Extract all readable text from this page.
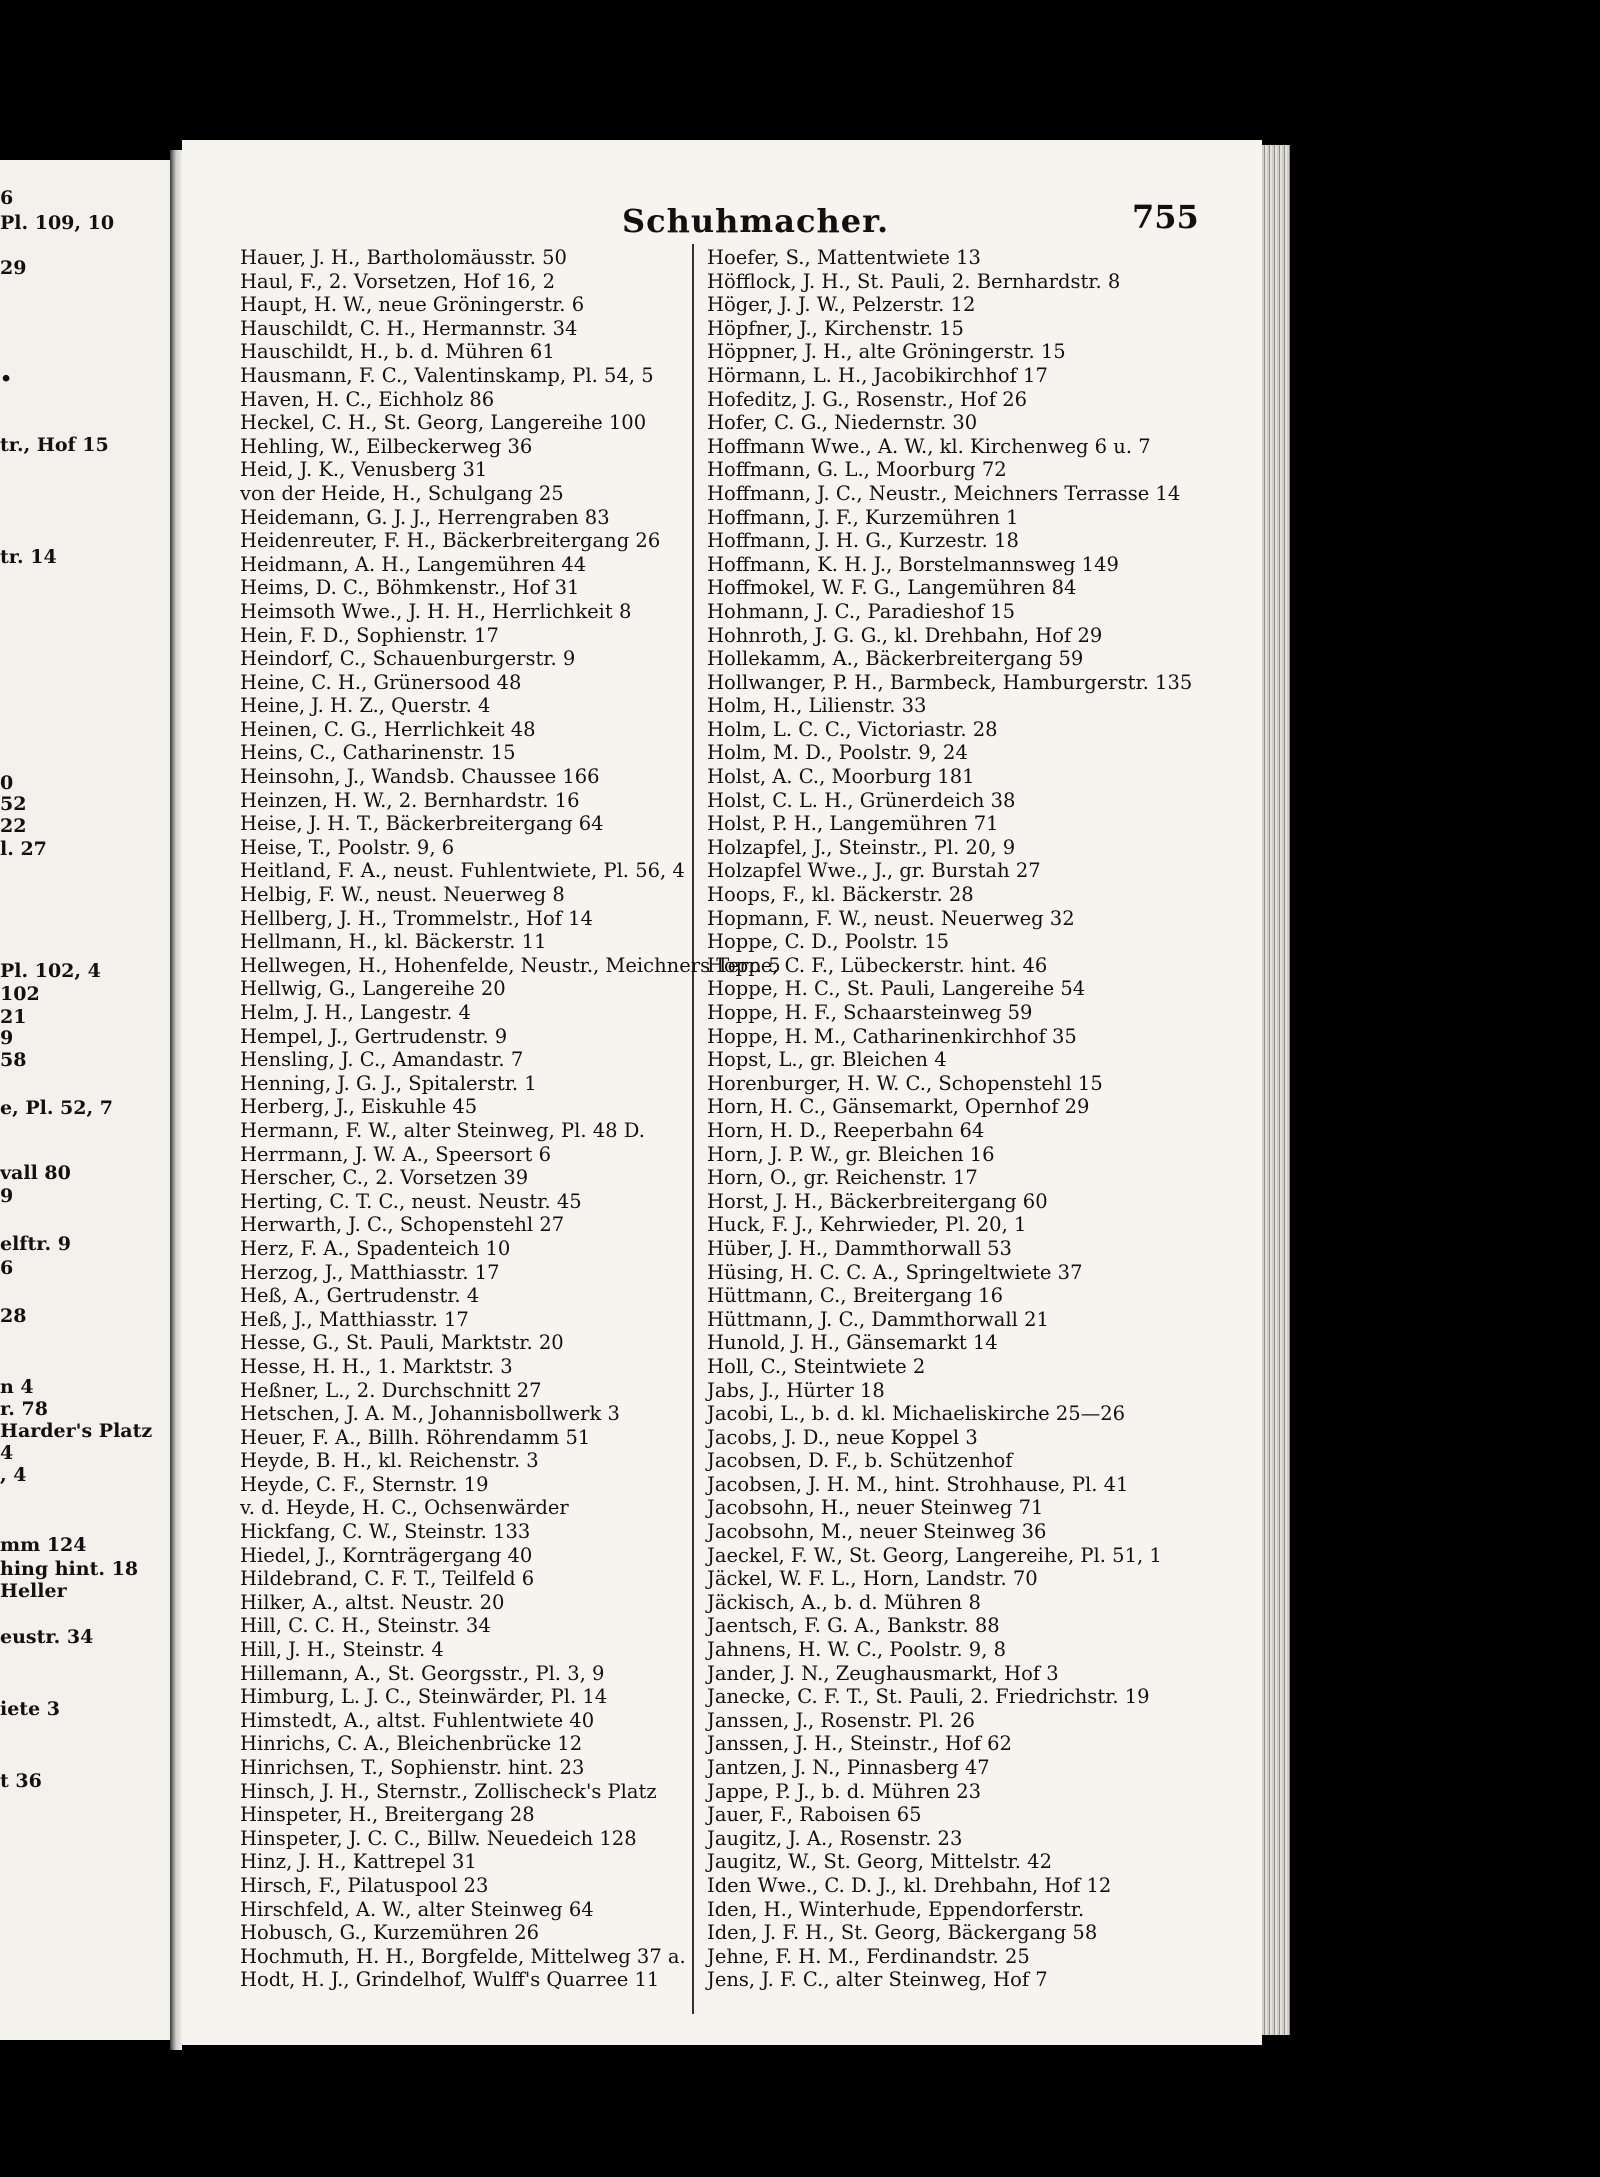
6
Pl. 109, 10
29
•
tr., Hof 15
tr. 14
0
52
22
l. 27
Pl. 102, 4
102
21
9
58
e, Pl. 52, 7
vall 80
9
elftr. 9
6
28
n 4
r. 78
Harder's Platz
4
, 4
mm 124
hing hint. 18
Heller
eustr. 34
iete 3
t 36
Schuhmacher.	755
Hauer, J. H., Bartholomäusstr. 50
Haul, F., 2. Vorsetzen, Hof 16, 2
Haupt, H. W., neue Gröningerstr. 6
Hauschildt, C. H., Hermannstr. 34
Hauschildt, H., b. d. Mühren 61
Hausmann, F. C., Valentinskamp, Pl. 54, 5
Haven, H. C., Eichholz 86
Heckel, C. H., St. Georg, Langereihe 100
Hehling, W., Eilbeckerweg 36
Heid, J. K., Venusberg 31
von der Heide, H., Schulgang 25
Heidemann, G. J. J., Herrengraben 83
Heidenreuter, F. H., Bäckerbreitergang 26
Heidmann, A. H., Langemühren 44
Heims, D. C., Böhmkenstr., Hof 31
Heimsoth Wwe., J. H. H., Herrlichkeit 8
Hein, F. D., Sophienstr. 17
Heindorf, C., Schauenburgerstr. 9
Heine, C. H., Grünersood 48
Heine, J. H. Z., Querstr. 4
Heinen, C. G., Herrlichkeit 48
Heins, C., Catharinenstr. 15
Heinsohn, J., Wandsb. Chaussee 166
Heinzen, H. W., 2. Bernhardstr. 16
Heise, J. H. T., Bäckerbreitergang 64
Heise, T., Poolstr. 9, 6
Heitland, F. A., neust. Fuhlentwiete, Pl. 56, 4
Helbig, F. W., neust. Neuerweg 8
Hellberg, J. H., Trommelstr., Hof 14
Hellmann, H., kl. Bäckerstr. 11
Hellwegen, H., Hohenfelde, Neustr., Meichners Terr. 5
Hellwig, G., Langereihe 20
Helm, J. H., Langestr. 4
Hempel, J., Gertrudenstr. 9
Hensling, J. C., Amandastr. 7
Henning, J. G. J., Spitalerstr. 1
Herberg, J., Eiskuhle 45
Hermann, F. W., alter Steinweg, Pl. 48 D.
Herrmann, J. W. A., Speersort 6
Herscher, C., 2. Vorsetzen 39
Herting, C. T. C., neust. Neustr. 45
Herwarth, J. C., Schopenstehl 27
Herz, F. A., Spadenteich 10
Herzog, J., Matthiasstr. 17
Heß, A., Gertrudenstr. 4
Heß, J., Matthiasstr. 17
Hesse, G., St. Pauli, Marktstr. 20
Hesse, H. H., 1. Marktstr. 3
Heßner, L., 2. Durchschnitt 27
Hetschen, J. A. M., Johannisbollwerk 3
Heuer, F. A., Billh. Röhrendamm 51
Heyde, B. H., kl. Reichenstr. 3
Heyde, C. F., Sternstr. 19
v. d. Heyde, H. C., Ochsenwärder
Hickfang, C. W., Steinstr. 133
Hiedel, J., Kornträgergang 40
Hildebrand, C. F. T., Teilfeld 6
Hilker, A., altst. Neustr. 20
Hill, C. C. H., Steinstr. 34
Hill, J. H., Steinstr. 4
Hillemann, A., St. Georgsstr., Pl. 3, 9
Himburg, L. J. C., Steinwärder, Pl. 14
Himstedt, A., altst. Fuhlentwiete 40
Hinrichs, C. A., Bleichenbrücke 12
Hinrichsen, T., Sophienstr. hint. 23
Hinsch, J. H., Sternstr., Zollischeck's Platz
Hinspeter, H., Breitergang 28
Hinspeter, J. C. C., Billw. Neuedeich 128
Hinz, J. H., Kattrepel 31
Hirsch, F., Pilatuspool 23
Hirschfeld, A. W., alter Steinweg 64
Hobusch, G., Kurzemühren 26
Hochmuth, H. H., Borgfelde, Mittelweg 37 a.
Hodt, H. J., Grindelhof, Wulff's Quarree 11
Hoefer, S., Mattentwiete 13
Höfflock, J. H., St. Pauli, 2. Bernhardstr. 8
Höger, J. J. W., Pelzerstr. 12
Höpfner, J., Kirchenstr. 15
Höppner, J. H., alte Gröningerstr. 15
Hörmann, L. H., Jacobikirchhof 17
Hofeditz, J. G., Rosenstr., Hof 26
Hofer, C. G., Niedernstr. 30
Hoffmann Wwe., A. W., kl. Kirchenweg 6 u. 7
Hoffmann, G. L., Moorburg 72
Hoffmann, J. C., Neustr., Meichners Terrasse 14
Hoffmann, J. F., Kurzemühren 1
Hoffmann, J. H. G., Kurzestr. 18
Hoffmann, K. H. J., Borstelmannsweg 149
Hoffmokel, W. F. G., Langemühren 84
Hohmann, J. C., Paradieshof 15
Hohnroth, J. G. G., kl. Drehbahn, Hof 29
Hollekamm, A., Bäckerbreitergang 59
Hollwanger, P. H., Barmbeck, Hamburgerstr. 135
Holm, H., Lilienstr. 33
Holm, L. C. C., Victoriastr. 28
Holm, M. D., Poolstr. 9, 24
Holst, A. C., Moorburg 181
Holst, C. L. H., Grünerdeich 38
Holst, P. H., Langemühren 71
Holzapfel, J., Steinstr., Pl. 20, 9
Holzapfel Wwe., J., gr. Burstah 27
Hoops, F., kl. Bäckerstr. 28
Hopmann, F. W., neust. Neuerweg 32
Hoppe, C. D., Poolstr. 15
Hoppe, C. F., Lübeckerstr. hint. 46
Hoppe, H. C., St. Pauli, Langereihe 54
Hoppe, H. F., Schaarsteinweg 59
Hoppe, H. M., Catharinenkirchhof 35
Hopst, L., gr. Bleichen 4
Horenburger, H. W. C., Schopenstehl 15
Horn, H. C., Gänsemarkt, Opernhof 29
Horn, H. D., Reeperbahn 64
Horn, J. P. W., gr. Bleichen 16
Horn, O., gr. Reichenstr. 17
Horst, J. H., Bäckerbreitergang 60
Huck, F. J., Kehrwieder, Pl. 20, 1
Hüber, J. H., Dammthorwall 53
Hüsing, H. C. C. A., Springeltwiete 37
Hüttmann, C., Breitergang 16
Hüttmann, J. C., Dammthorwall 21
Hunold, J. H., Gänsemarkt 14
Holl, C., Steintwiete 2
Jabs, J., Hürter 18
Jacobi, L., b. d. kl. Michaeliskirche 25—26
Jacobs, J. D., neue Koppel 3
Jacobsen, D. F., b. Schützenhof
Jacobsen, J. H. M., hint. Strohhause, Pl. 41
Jacobsohn, H., neuer Steinweg 71
Jacobsohn, M., neuer Steinweg 36
Jaeckel, F. W., St. Georg, Langereihe, Pl. 51, 1
Jäckel, W. F. L., Horn, Landstr. 70
Jäckisch, A., b. d. Mühren 8
Jaentsch, F. G. A., Bankstr. 88
Jahnens, H. W. C., Poolstr. 9, 8
Jander, J. N., Zeughausmarkt, Hof 3
Janecke, C. F. T., St. Pauli, 2. Friedrichstr. 19
Janssen, J., Rosenstr. Pl. 26
Janssen, J. H., Steinstr., Hof 62
Jantzen, J. N., Pinnasberg 47
Jappe, P. J., b. d. Mühren 23
Jauer, F., Raboisen 65
Jaugitz, J. A., Rosenstr. 23
Jaugitz, W., St. Georg, Mittelstr. 42
Iden Wwe., C. D. J., kl. Drehbahn, Hof 12
Iden, H., Winterhude, Eppendorferstr.
Iden, J. F. H., St. Georg, Bäckergang 58
Jehne, F. H. M., Ferdinandstr. 25
Jens, J. F. C., alter Steinweg, Hof 7
